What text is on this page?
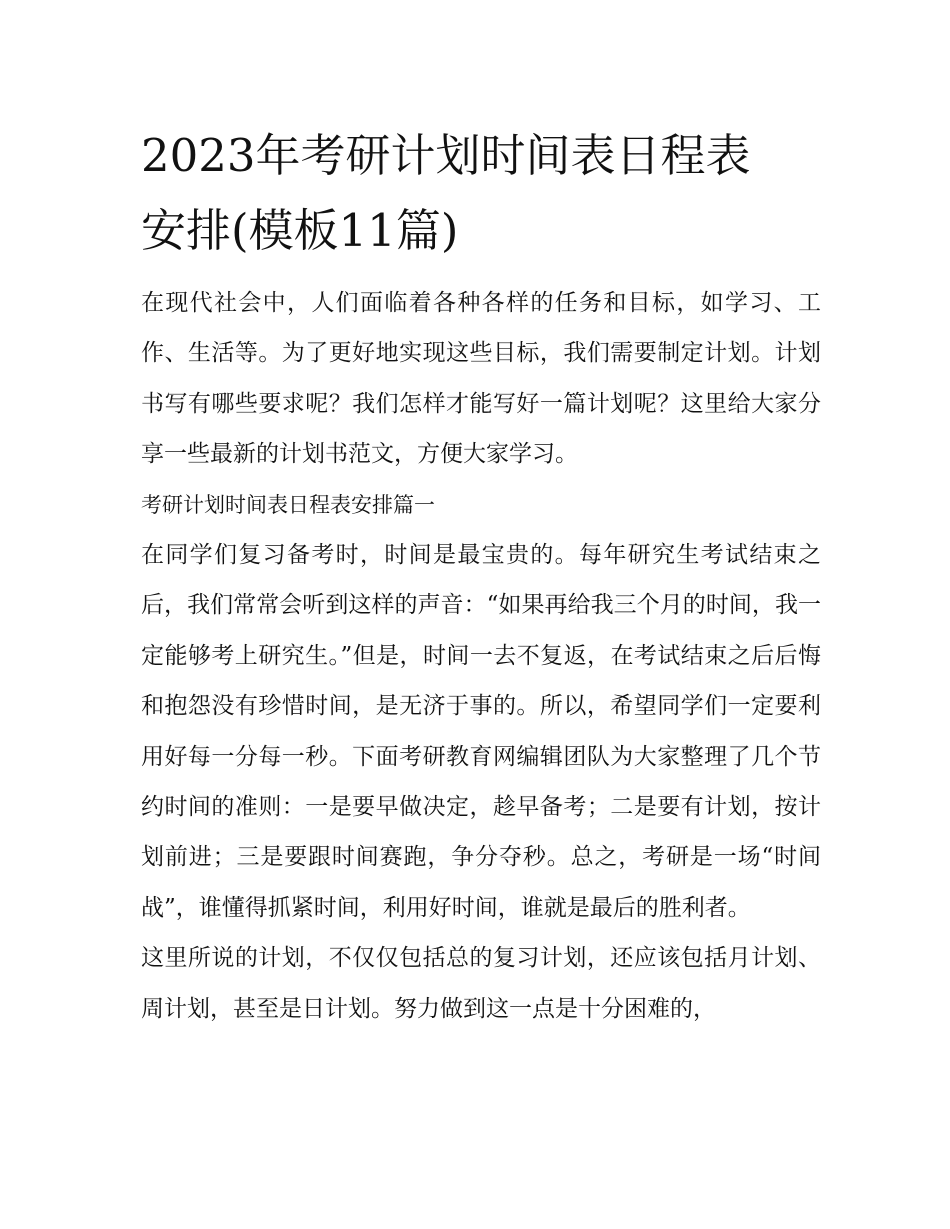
2023年考研计划时间表日程表
安排(模板11篇)

在现代社会中，人们面临着各种各样的任务和目标，如学习、工作、生活等。为了更好地实现这些目标，我们需要制定计划。计划书写有哪些要求呢？我们怎样才能写好一篇计划呢？这里给大家分享一些最新的计划书范文，方便大家学习。

考研计划时间表日程表安排篇一

在同学们复习备考时，时间是最宝贵的。每年研究生考试结束之后，我们常常会听到这样的声音：“如果再给我三个月的时间，我一定能够考上研究生。”但是，时间一去不复返，在考试结束之后后悔和抱怨没有珍惜时间，是无济于事的。所以，希望同学们一定要利用好每一分每一秒。下面考研教育网编辑团队为大家整理了几个节约时间的准则：一是要早做决定，趁早备考；二是要有计划，按计划前进；三是要跟时间赛跑，争分夺秒。总之，考研是一场“时间战”，谁懂得抓紧时间，利用好时间，谁就是最后的胜利者。

这里所说的计划，不仅仅包括总的复习计划，还应该包括月计划、周计划，甚至是日计划。努力做到这一点是十分困难的，
